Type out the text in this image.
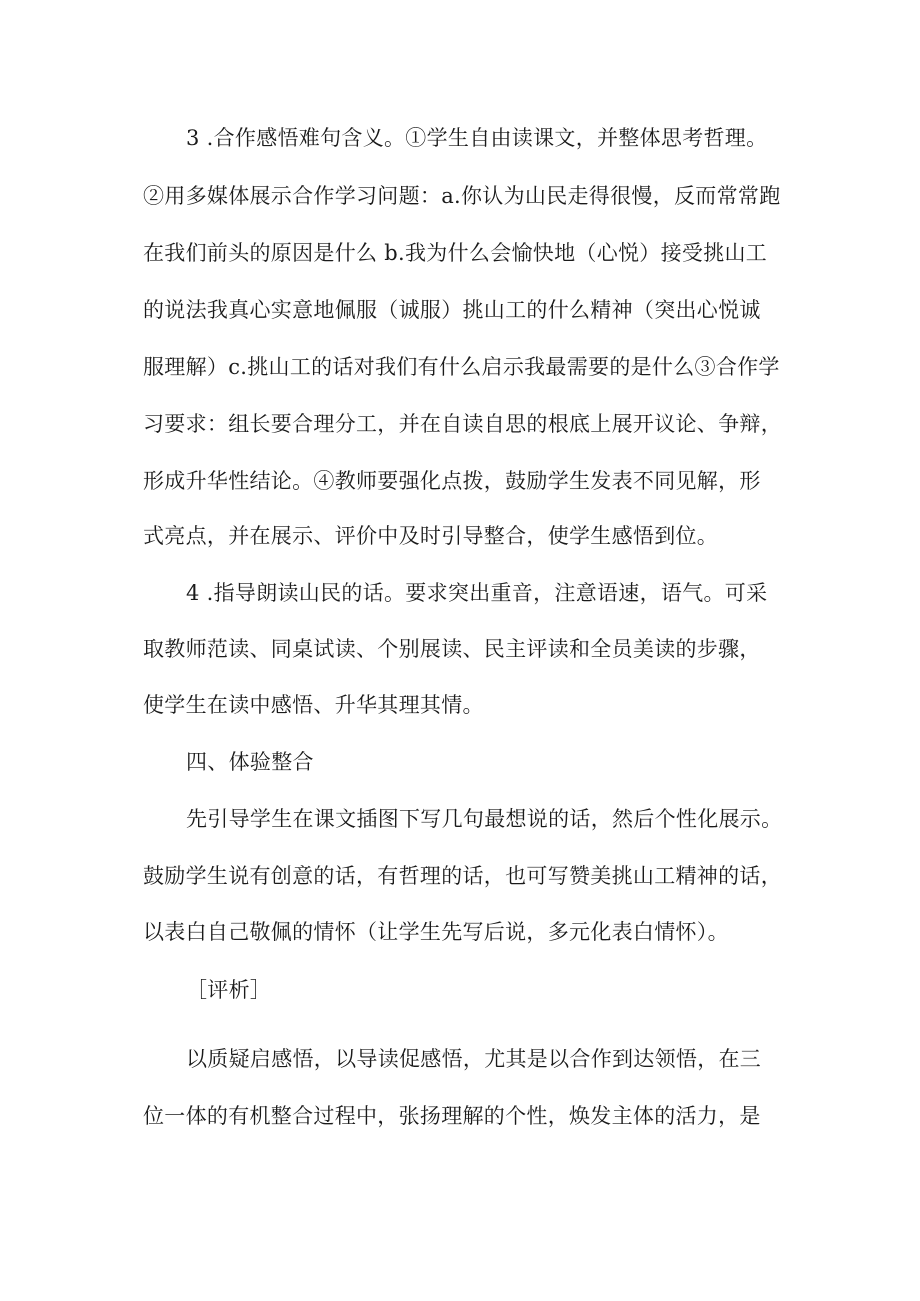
3 .合作感悟难句含义。①学生自由读课文，并整体思考哲理。
②用多媒体展示合作学习问题：a.你认为山民走得很慢，反而常常跑
在我们前头的原因是什么 b.我为什么会愉快地（心悦）接受挑山工
的说法我真心实意地佩服（诚服）挑山工的什么精神（突出心悦诚
服理解）c.挑山工的话对我们有什么启示我最需要的是什么③合作学
习要求：组长要合理分工，并在自读自思的根底上展开议论、争辩，
形成升华性结论。④教师要强化点拨，鼓励学生发表不同见解，形
式亮点，并在展示、评价中及时引导整合，使学生感悟到位。
4 .指导朗读山民的话。要求突出重音，注意语速，语气。可采
取教师范读、同桌试读、个别展读、民主评读和全员美读的步骤，
使学生在读中感悟、升华其理其情。
四、体验整合
先引导学生在课文插图下写几句最想说的话，然后个性化展示。
鼓励学生说有创意的话，有哲理的话，也可写赞美挑山工精神的话，
以表白自己敬佩的情怀（让学生先写后说，多元化表白情怀）。
［评析］
以质疑启感悟，以导读促感悟，尤其是以合作到达领悟，在三
位一体的有机整合过程中，张扬理解的个性，焕发主体的活力，是
